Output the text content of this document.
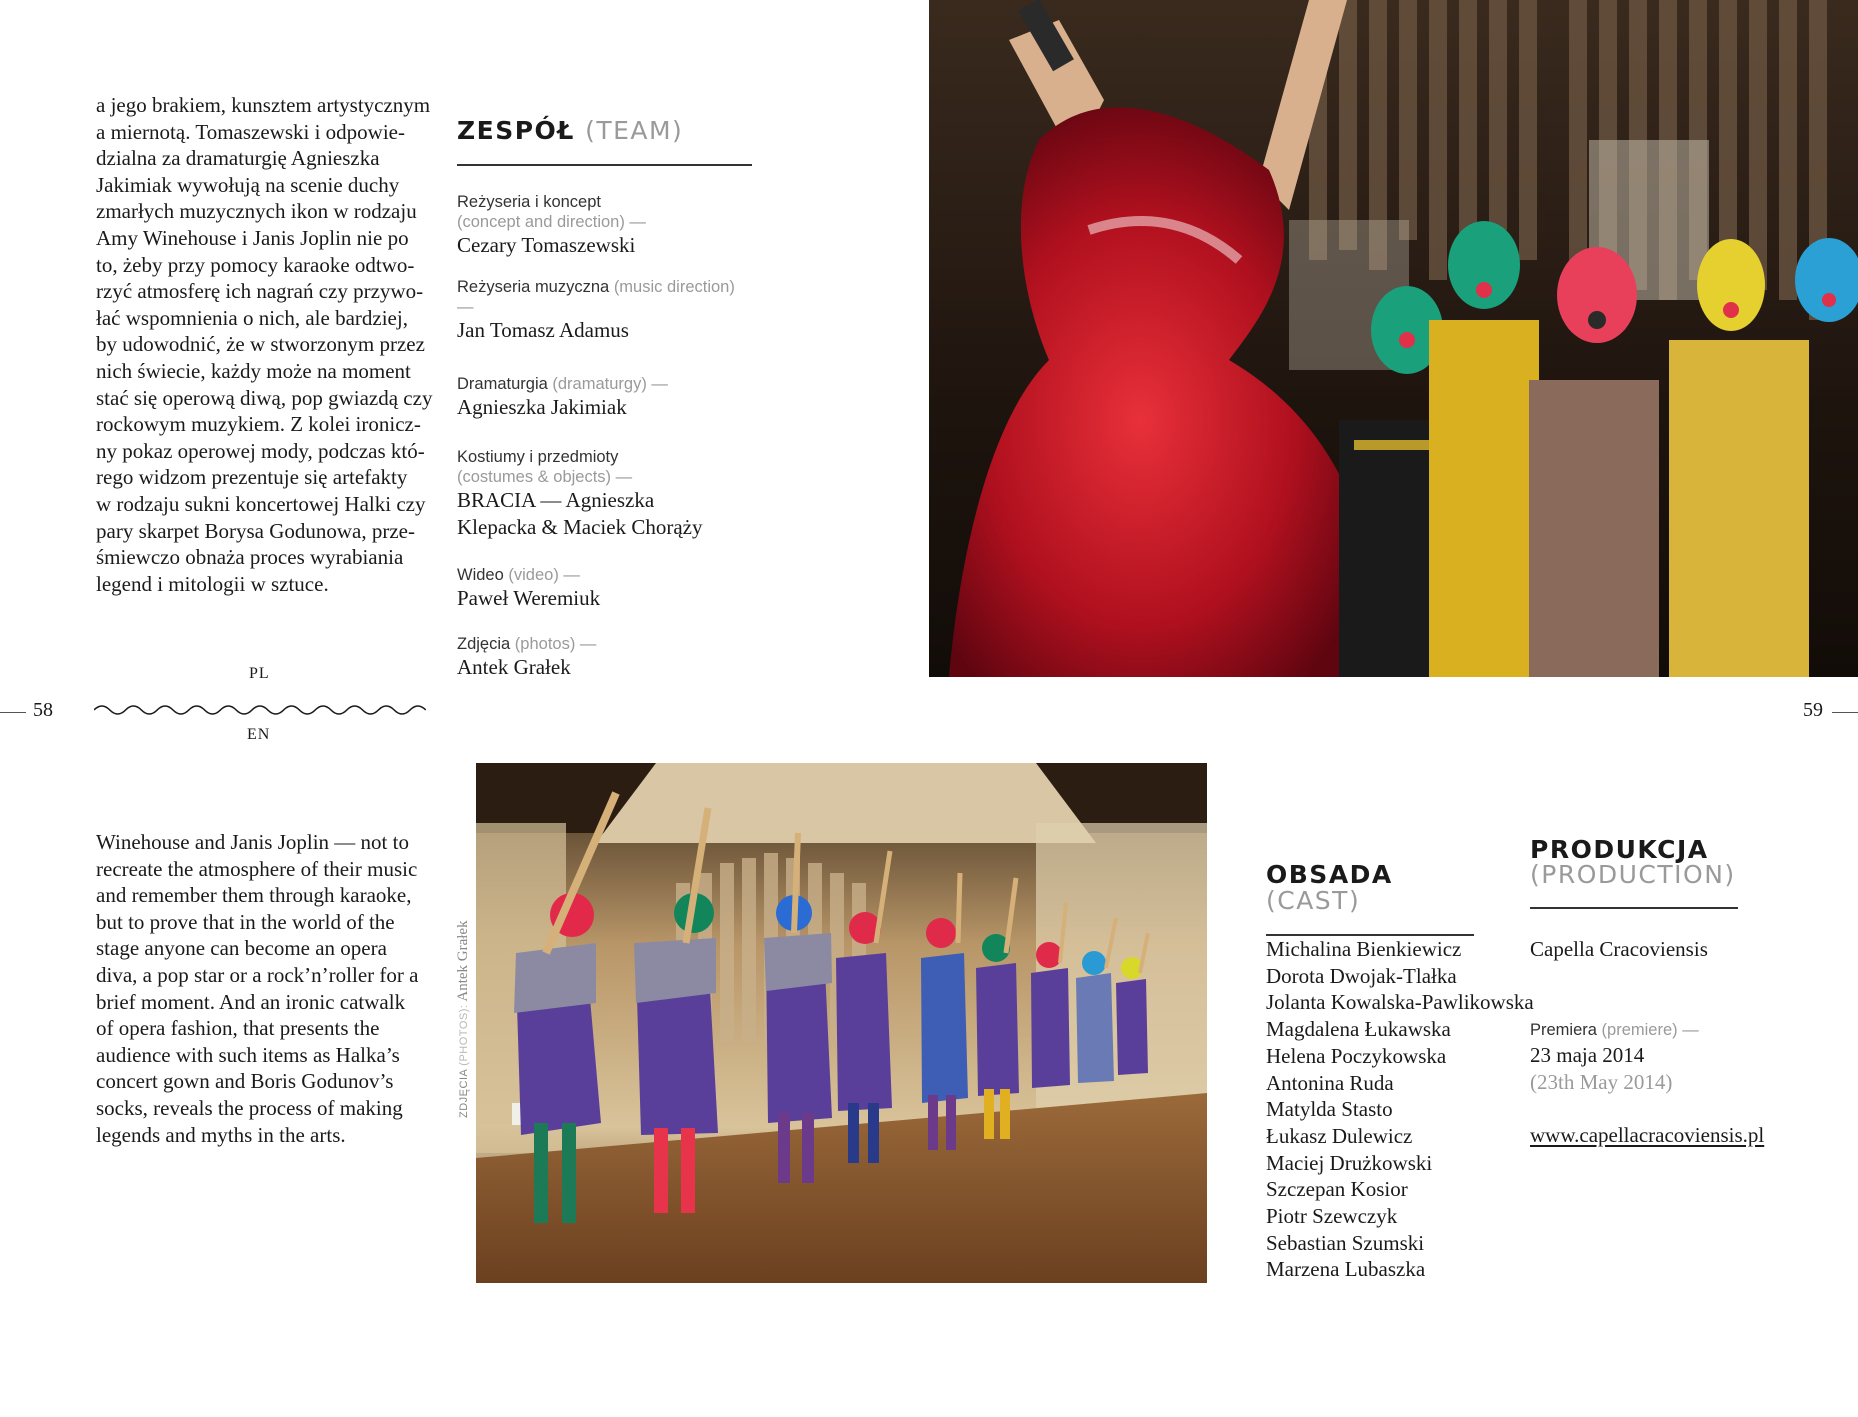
a jego brakiem, kunsztem artystycznym
a miernotą. Tomaszewski i odpowie-
dzialna za dramaturgię Agnieszka
Jakimiak wywołują na scenie duchy
zmarłych muzycznych ikon w rodzaju
Amy Winehouse i Janis Joplin nie po
to, żeby przy pomocy karaoke odtwo-
rzyć atmosferę ich nagrań czy przywo-
łać wspomnienia o nich, ale bardziej,
by udowodnić, że w stworzonym przez
nich świecie, każdy może na moment
stać się operową diwą, pop gwiazdą czy
rockowym muzykiem. Z kolei ironicz-
ny pokaz operowej mody, podczas któ-
rego widzom prezentuje się artefakty
w rodzaju sukni koncertowej Halki czy
pary skarpet Borysa Godunowa, prze-
śmiewczo obnaża proces wyrabiania
legend i mitologii w sztuce.
ZESPÓŁ (TEAM)
Reżyseria i koncept
(concept and direction) —
Cezary Tomaszewski
Reżyseria muzyczna (music direction) —
Jan Tomasz Adamus
Dramaturgia (dramaturgy) —
Agnieszka Jakimiak
Kostiumy i przedmioty
(costumes & objects) —
BRACIA — Agnieszka
Klepacka & Maciek Chorąży
Wideo (video) —
Paweł Weremiuk
Zdjęcia (photos) —
Antek Grałek
58
PL
EN
Winehouse and Janis Joplin — not to
recreate the atmosphere of their music
and remember them through karaoke,
but to prove that in the world of the
stage anyone can become an opera
diva, a pop star or a rock’n’roller for a
brief moment. And an ironic catwalk
of opera fashion, that presents the
audience with such items as Halka’s
concert gown and Boris Godunov’s
socks, reveals the process of making
legends and myths in the arts.
ZDJĘCIA (PHOTOS): Antek Grałek
59
OBSADA (CAST)
Michalina Bienkiewicz
Dorota Dwojak-Tlałka
Jolanta Kowalska-Pawlikowska
Magdalena Łukawska
Helena Poczykowska
Antonina Ruda
Matylda Stasto
Łukasz Dulewicz
Maciej Drużkowski
Szczepan Kosior
Piotr Szewczyk
Sebastian Szumski
Marzena Lubaszka
PRODUKCJA
(PRODUCTION)
Capella Cracoviensis
Premiera (premiere) —
23 maja 2014
(23th May 2014)
www.capellacracoviensis.pl
